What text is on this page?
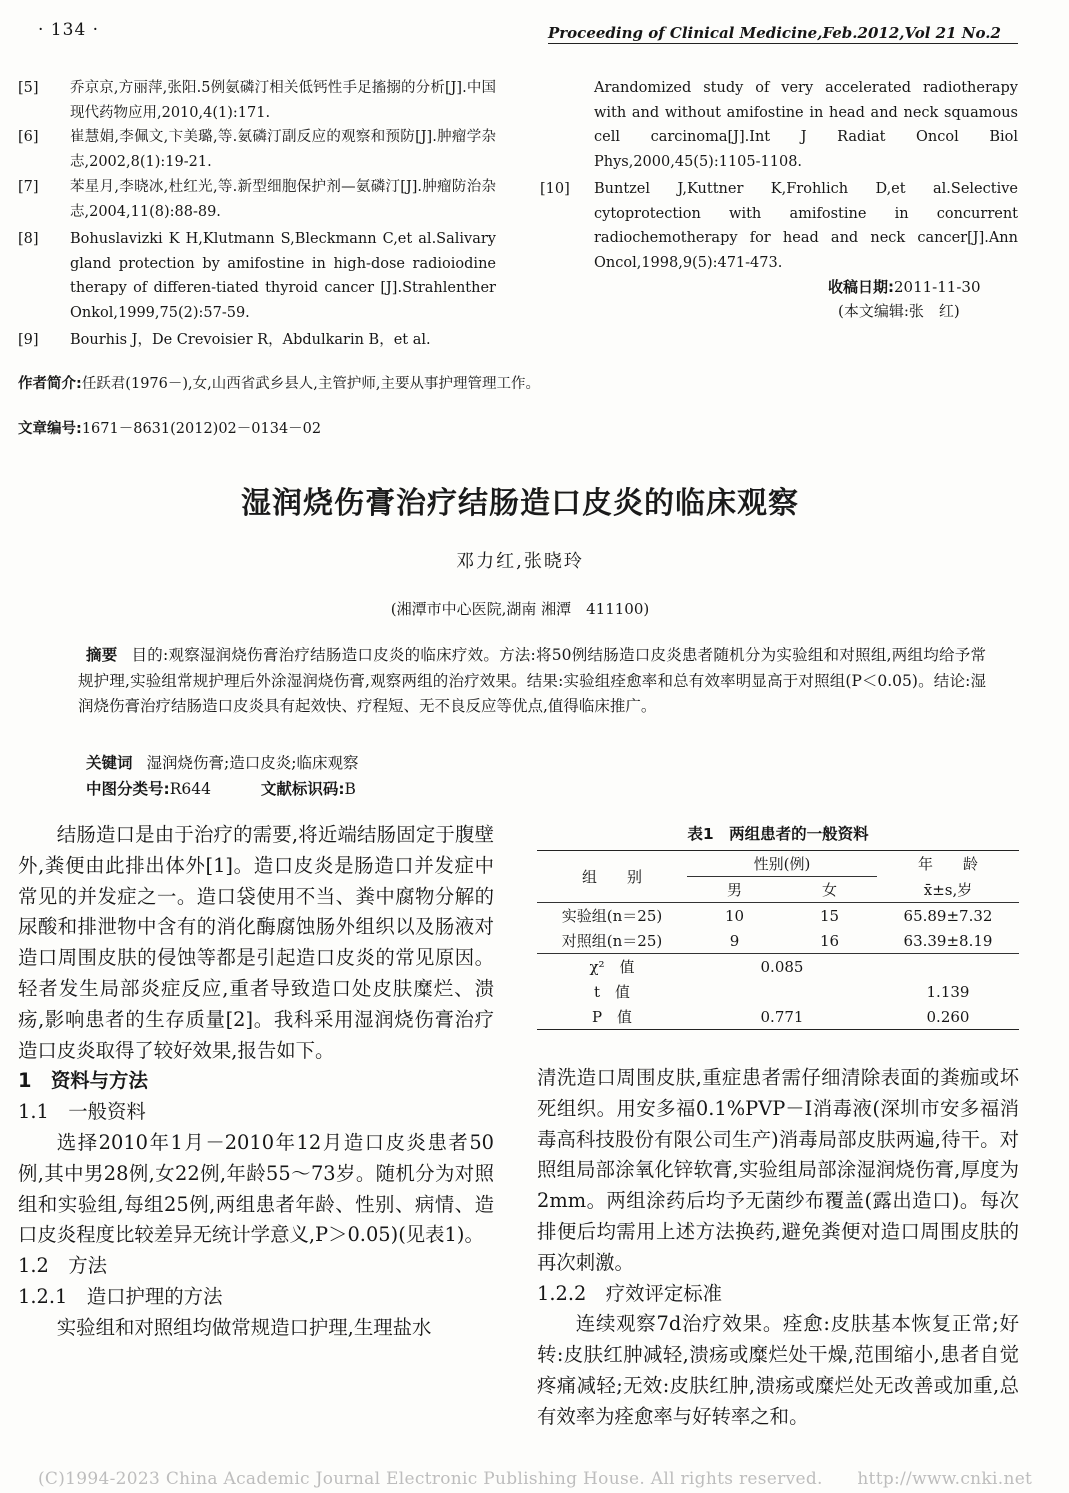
· 134 ·	Proceeding of Clinical Medicine,Feb.2012,Vol 21 No.2
[5]	乔京京,方丽萍,张阳.5例氨磷汀相关低钙性手足搐搦的分析[J].中国现代药物应用,2010,4(1):171.
[6]	崔慧娟,李佩文,卞美璐,等.氨磷汀副反应的观察和预防[J].肿瘤学杂志,2002,8(1):19-21.
[7]	苯星月,李晓冰,杜红光,等.新型细胞保护剂—氨磷汀[J].肿瘤防治杂志,2004,11(8):88-89.
[8]	Bohuslavizki K H,Klutmann S,Bleckmann C,et al.Salivary gland protection by amifostine in high-dose radioiodine therapy of differen-tiated thyroid cancer [J].Strahlenther Onkol,1999,75(2):57-59.
[9]	Bourhis J，De Crevoisier R，Abdulkarin B，et al.
Arandomized study of very accelerated radiotherapy with and without amifostine in head and neck squamous cell carcinoma[J].Int J Radiat Oncol Biol Phys,2000,45(5):1105-1108.
[10]	Buntzel J,Kuttner K,Frohlich D,et al.Selective cytoprotection with amifostine in concurrent radiochemotherapy for head and neck cancer[J].Ann Oncol,1998,9(5):471-473.
收稿日期:2011-11-30
(本文编辑:张　红)
作者简介:任跃君(1976－),女,山西省武乡县人,主管护师,主要从事护理管理工作。
文章编号:1671－8631(2012)02－0134－02
湿润烧伤膏治疗结肠造口皮炎的临床观察
邓力红,张晓玲
(湘潭市中心医院,湖南 湘潭　411100)
摘要 目的:观察湿润烧伤膏治疗结肠造口皮炎的临床疗效。方法:将50例结肠造口皮炎患者随机分为实验组和对照组,两组均给予常规护理,实验组常规护理后外涂湿润烧伤膏,观察两组的治疗效果。结果:实验组痊愈率和总有效率明显高于对照组(P＜0.05)。结论:湿润烧伤膏治疗结肠造口皮炎具有起效快、疗程短、无不良反应等优点,值得临床推广。
关键词 湿润烧伤膏;造口皮炎;临床观察
中图分类号:R644	文献标识码:B

结肠造口是由于治疗的需要,将近端结肠固定于腹壁外,粪便由此排出体外[1]。造口皮炎是肠造口并发症中常见的并发症之一。造口袋使用不当、粪中腐物分解的尿酸和排泄物中含有的消化酶腐蚀肠外组织以及肠液对造口周围皮肤的侵蚀等都是引起造口皮炎的常见原因。轻者发生局部炎症反应,重者导致造口处皮肤糜烂、溃疡,影响患者的生存质量[2]。我科采用湿润烧伤膏治疗造口皮炎取得了较好效果,报告如下。

1　资料与方法

1.1　一般资料

选择2010年1月－2010年12月造口皮炎患者50例,其中男28例,女22例,年龄55～73岁。随机分为对照组和实验组,每组25例,两组患者年龄、性别、病情、造口皮炎程度比较差异无统计学意义,P＞0.05)(见表1)。

1.2　方法

1.2.1　造口护理的方法

实验组和对照组均做常规造口护理,生理盐水

表1　两组患者的一般资料
组　　别	性别(例)		年　　龄
	男	女	x̄±s,岁
实验组(n＝25)	10	15	65.89±7.32
对照组(n＝25)	9	16	63.39±8.19
χ²　值	0.085		
t　值			1.139
P　值	0.771		0.260

清洗造口周围皮肤,重症患者需仔细清除表面的粪痂或坏死组织。用安多福0.1%PVP－I消毒液(深圳市安多福消毒高科技股份有限公司生产)消毒局部皮肤两遍,待干。对照组局部涂氧化锌软膏,实验组局部涂湿润烧伤膏,厚度为2mm。两组涂药后均予无菌纱布覆盖(露出造口)。每次排便后均需用上述方法换药,避免粪便对造口周围皮肤的再次刺激。

1.2.2　疗效评定标准

连续观察7d治疗效果。痊愈:皮肤基本恢复正常;好转:皮肤红肿减轻,溃疡或糜烂处干燥,范围缩小,患者自觉疼痛减轻;无效:皮肤红肿,溃疡或糜烂处无改善或加重,总有效率为痊愈率与好转率之和。

(C)1994-2023 China Academic Journal Electronic Publishing House. All rights reserved.　　http://www.cnki.net
